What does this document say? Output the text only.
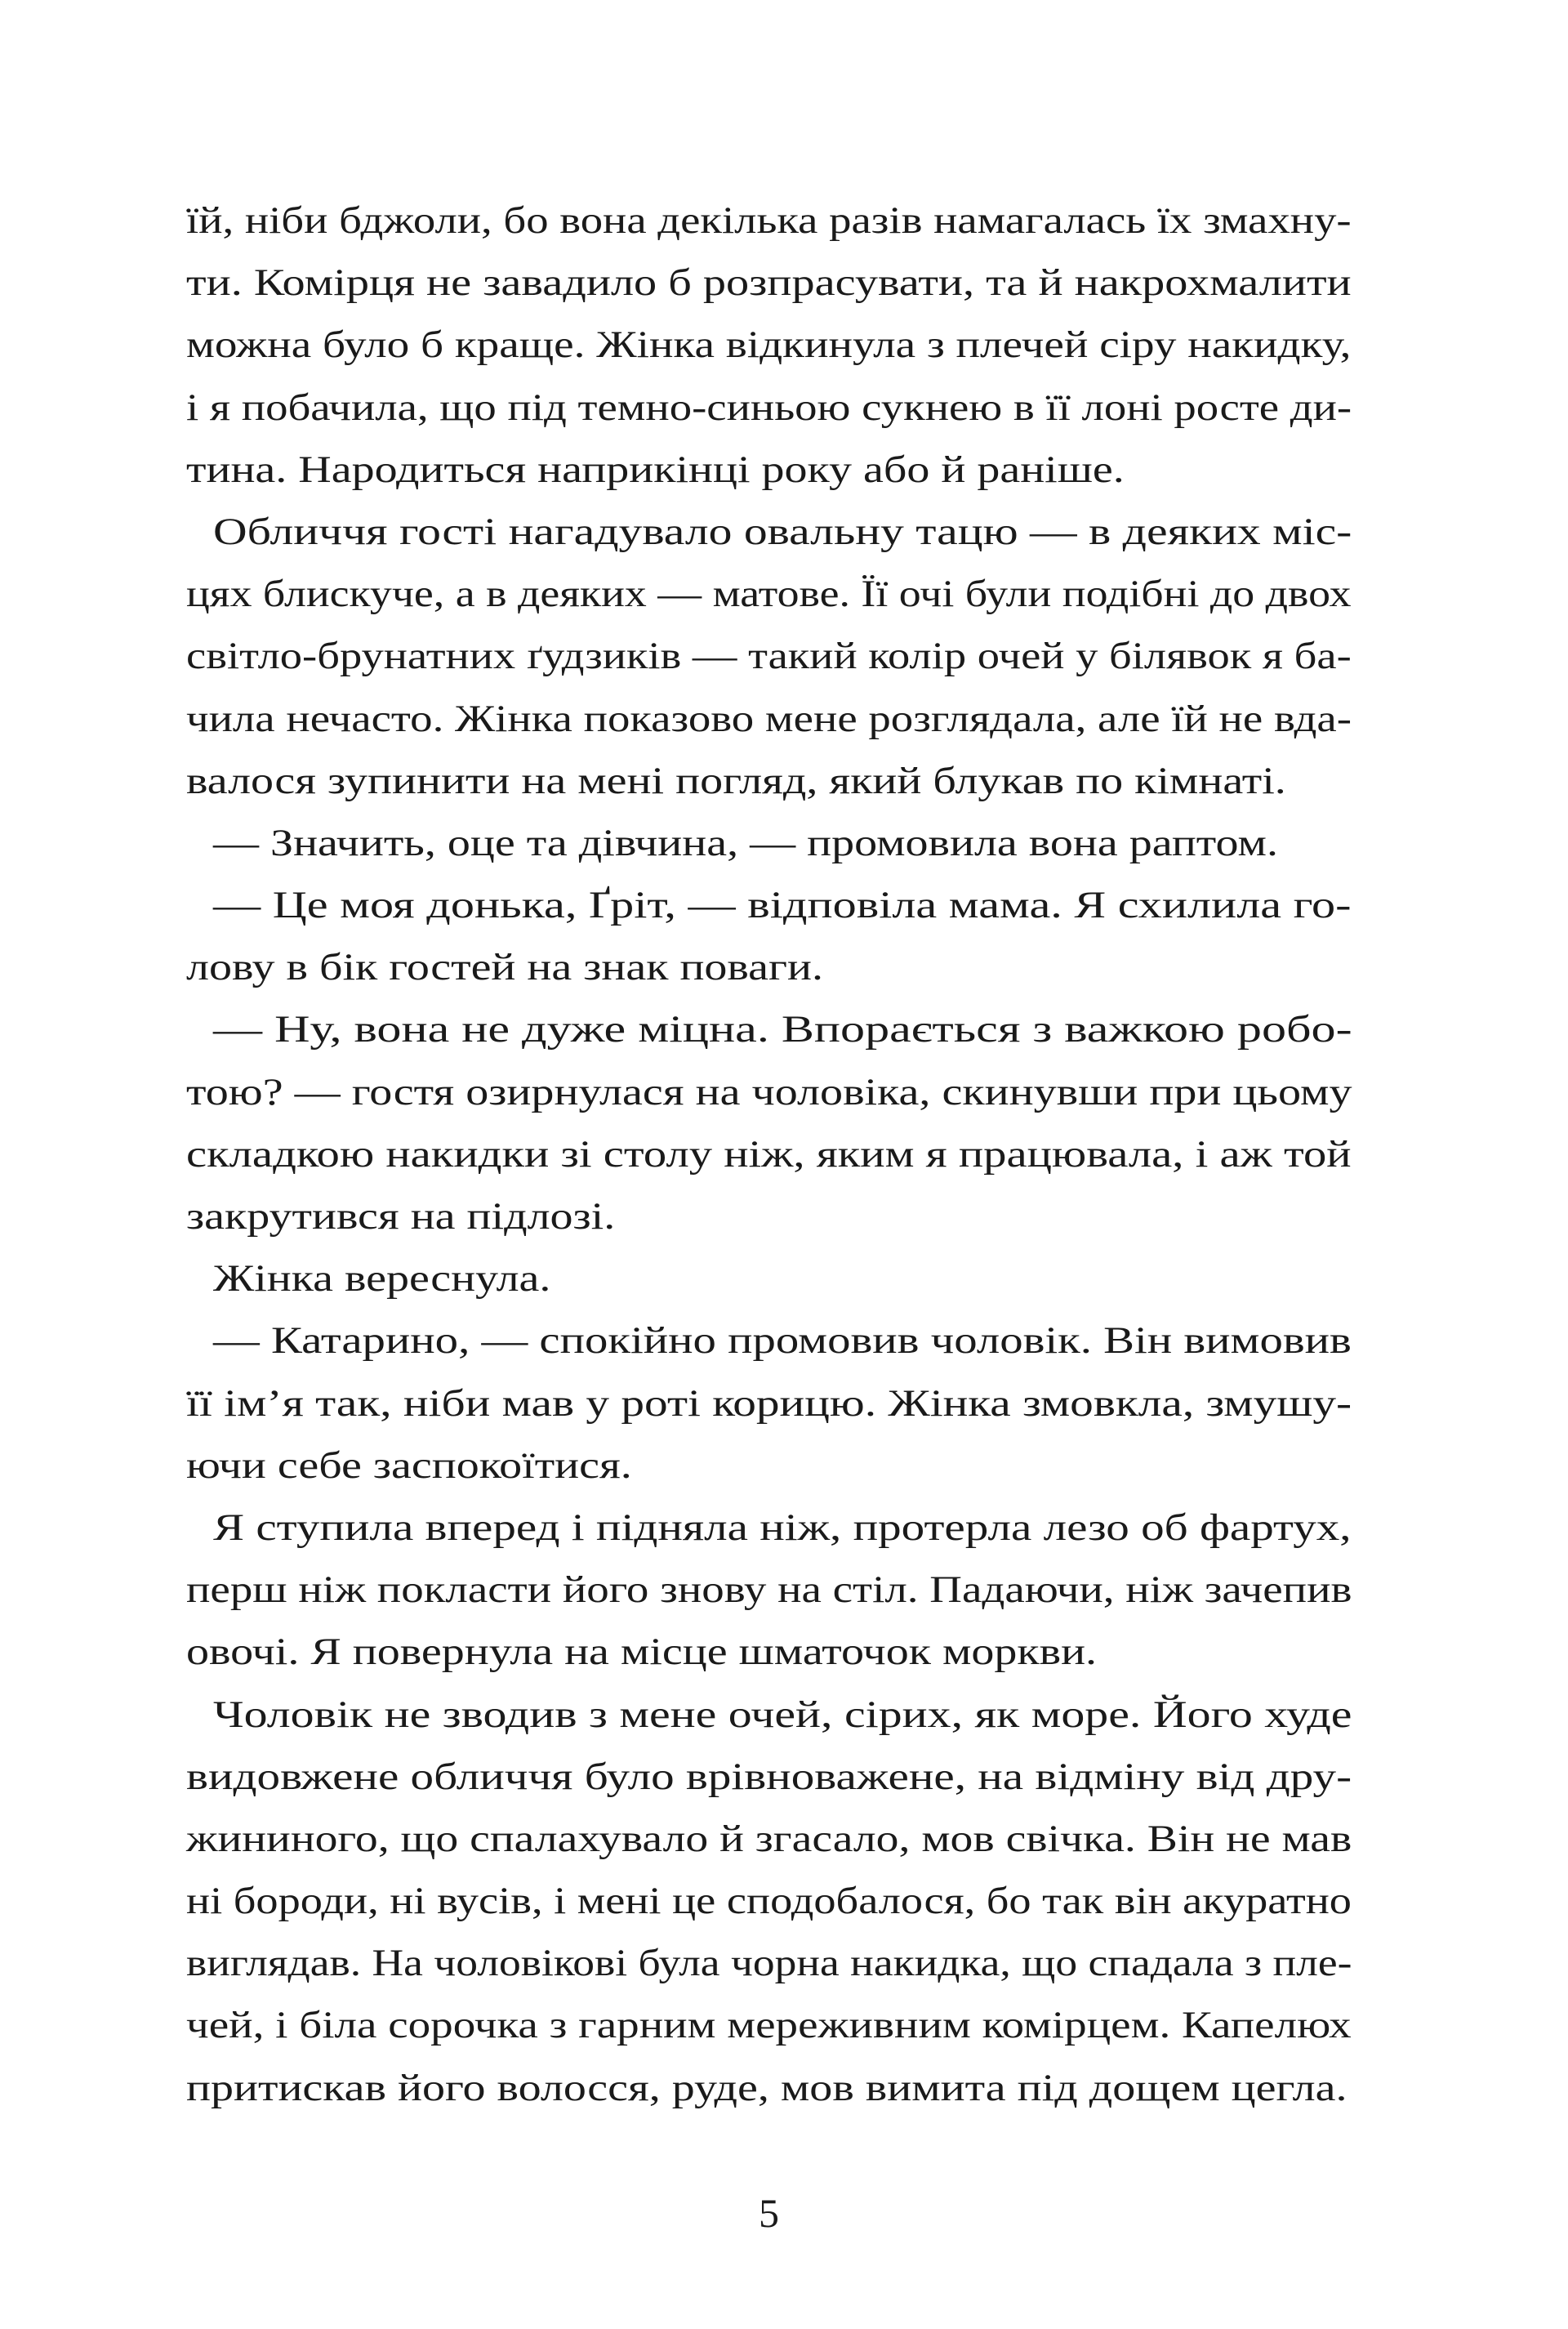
їй, ніби бджоли, бо вона декілька разів намагалась їх змахну-
ти. Комірця не завадило б розпрасувати, та й накрохмалити
можна було б краще. Жінка відкинула з плечей сіру накидку,
і я побачила, що під темно-синьою сукнею в її лоні росте ди-
тина. Народиться наприкінці року або й раніше.
Обличчя гості нагадувало овальну тацю — в деяких міс-
цях блискуче, а в деяких — матове. Її очі були подібні до двох
світло-брунатних ґудзиків — такий колір очей у білявок я ба-
чила нечасто. Жінка показово мене розглядала, але їй не вда-
валося зупинити на мені погляд, який блукав по кімнаті.
— Значить, оце та дівчина, — промовила вона раптом.
— Це моя донька, Ґріт, — відповіла мама. Я схилила го-
лову в бік гостей на знак поваги.
— Ну, вона не дуже міцна. Впорається з важкою робо-
тою? — гостя озирнулася на чоловіка, скинувши при цьому
складкою накидки зі столу ніж, яким я працювала, і аж той
закрутився на підлозі.
Жінка вереснула.
— Катарино, — спокійно промовив чоловік. Він вимовив
її ім’я так, ніби мав у роті корицю. Жінка змовкла, змушу-
ючи себе заспокоїтися.
Я ступила вперед і підняла ніж, протерла лезо об фартух,
перш ніж покласти його знову на стіл. Падаючи, ніж зачепив
овочі. Я повернула на місце шматочок моркви.
Чоловік не зводив з мене очей, сірих, як море. Його худе
видовжене обличчя було врівноважене, на відміну від дру-
жининого, що спалахувало й згасало, мов свічка. Він не мав
ні бороди, ні вусів, і мені це сподобалося, бо так він акуратно
виглядав. На чоловікові була чорна накидка, що спадала з пле-
чей, і біла сорочка з гарним мереживним комірцем. Капелюх
притискав його волосся, руде, мов вимита під дощем цегла.
5
